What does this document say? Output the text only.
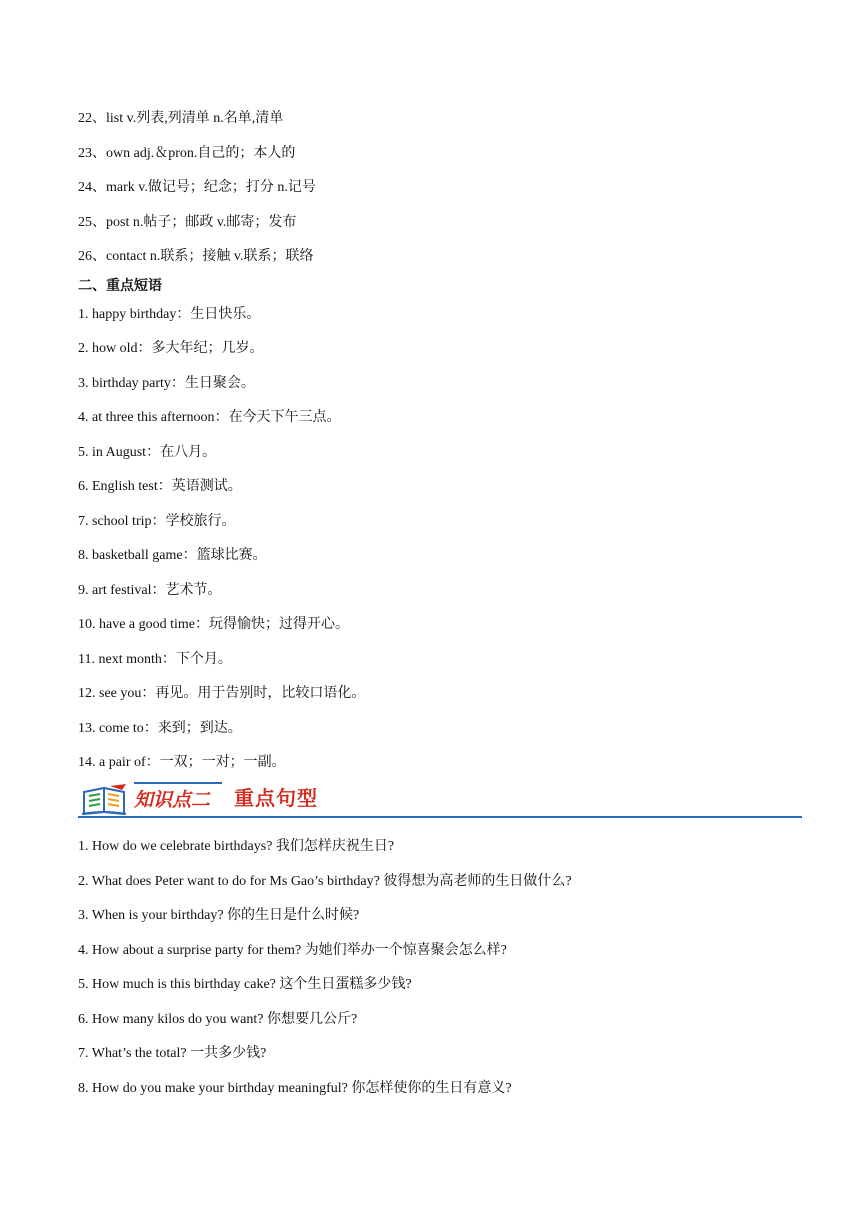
22、list v.列表,列清单 n.名单,清单
23、own adj.＆pron.自己的；本人的
24、mark v.做记号；纪念；打分 n.记号
25、post n.帖子；邮政 v.邮寄；发布
26、contact n.联系；接触 v.联系；联络
二、重点短语
1. happy birthday：生日快乐。
2. how old：多大年纪；几岁。
3. birthday party：生日聚会。
4. at three this afternoon：在今天下午三点。
5. in August：在八月。
6. English test：英语测试。
7. school trip：学校旅行。
8. basketball game：篮球比赛。
9. art festival：艺术节。
10. have a good time：玩得愉快；过得开心。
11. next month：下个月。
12. see you：再见。用于告别时，比较口语化。
13. come to：来到；到达。
14. a pair of：一双；一对；一副。
知识点二 重点句型
1. How do we celebrate birthdays? 我们怎样庆祝生日?
2. What does Peter want to do for Ms Gao’s birthday? 彼得想为高老师的生日做什么?
3. When is your birthday? 你的生日是什么时候?
4. How about a surprise party for them? 为她们举办一个惊喜聚会怎么样?
5. How much is this birthday cake? 这个生日蛋糕多少钱?
6. How many kilos do you want? 你想要几公斤?
7. What’s the total? 一共多少钱?
8. How do you make your birthday meaningful? 你怎样使你的生日有意义?
